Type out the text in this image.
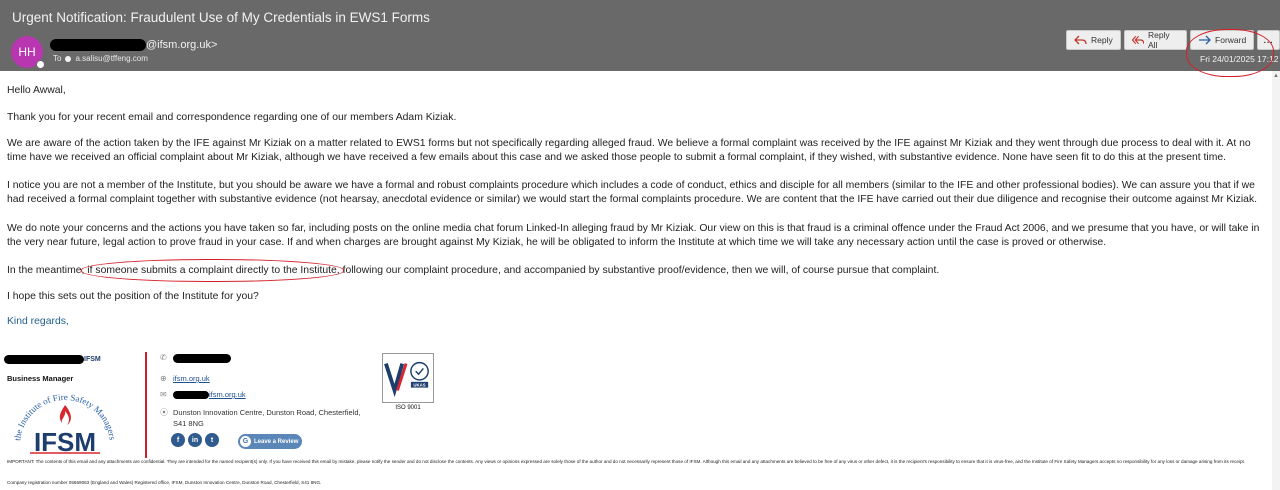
Urgent Notification: Fraudulent Use of My Credentials in EWS1 Forms
HH	@ifsm.org.uk>
To a.salisu@tffeng.com
Reply	Reply All	Forward	...
Fri 24/01/2025 17:12
▲

Hello Awwal,

Thank you for your recent email and correspondence regarding one of our members Adam Kiziak.

We are aware of the action taken by the IFE against Mr Kiziak on a matter related to EWS1 forms but not specifically regarding alleged fraud. We believe a formal complaint was received by the IFE against Mr Kiziak and they went through due process to deal with it. At no time have we received an official complaint about Mr Kiziak, although we have received a few emails about this case and we asked those people to submit a formal complaint, if they wished, with substantive evidence. None have seen fit to do this at the present time.

I notice you are not a member of the Institute, but you should be aware we have a formal and robust complaints procedure which includes a code of conduct, ethics and disciple for all members (similar to the IFE and other professional bodies). We can assure you that if we had received a formal complaint together with substantive evidence (not hearsay, anecdotal evidence or similar) we would start the formal complaints procedure. We are content that the IFE have carried out their due diligence and recognise their outcome against Mr Kiziak.

We do note your concerns and the actions you have taken so far, including posts on the online media chat forum Linked-In alleging fraud by Mr Kiziak. Our view on this is that fraud is a criminal offence under the Fraud Act 2006, and we presume that you have, or will take in the very near future, legal action to prove fraud in your case. If and when charges are brought against My Kiziak, he will be obligated to inform the Institute at which time we will take any necessary action until the case is proved or otherwise.

In the meantime, if someone submits a complaint directly to the Institute, following our complaint procedure, and accompanied by substantive proof/evidence, then we will, of course pursue that complaint.

I hope this sets out the position of the Institute for you?

Kind regards,

IFSM
Business Manager
the Institute of Fire Safety Managers
IFSM
✆
⊕ ifsm.org.uk
✉	ifsm.org.uk
⦿ Dunston Innovation Centre, Dunston Road, Chesterfield,
S41 8NG
f	in	t	G Leave a Review
UKAS
ISO 9001
IMPORTANT: The contents of this email and any attachments are confidential. They are intended for the named recipient(s) only. If you have received this email by mistake, please notify the sender and do not disclose the contents. Any views or opinions expressed are solely those of the author and do not necessarily represent those of IFSM. Although this email and any attachments are believed to be free of any virus or other defect, it is the recipient's responsibility to ensure that it is virus-free, and the Institute of Fire Safety Managers accepts no responsibility for any loss or damage arising from its receipt.
Company registration number 05669063 (England and Wales) Registered office, IFSM, Dunston Innovation Centre, Dunston Road, Chesterfield, S41 8NG.
